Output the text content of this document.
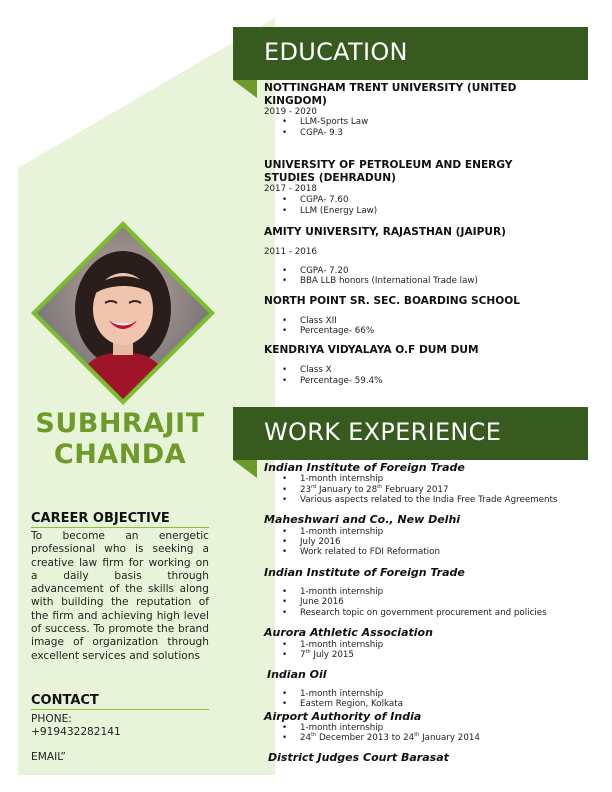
SUBHRAJIT
CHANDA
CAREER OBJECTIVE
To become an energetic professional who is seeking a creative law firm for working on a daily basis through advancement of the skills along with building the reputation of the firm and achieving high level of success. To promote the brand image of organization through excellent services and solutions
CONTACT
PHONE:
+919432282141
EMAIL”
EDUCATION
NOTTINGHAM TRENT UNIVERSITY (UNITED KINGDOM)
2019 - 2020
• LLM-Sports Law
• CGPA- 9.3
UNIVERSITY OF PETROLEUM AND ENERGY STUDIES (DEHRADUN)
2017 - 2018
• CGPA- 7.60
• LLM (Energy Law)
AMITY UNIVERSITY, RAJASTHAN (JAIPUR)
2011 - 2016
• CGPA- 7.20
• BBA LLB honors (International Trade law)
NORTH POINT SR. SEC. BOARDING SCHOOL
• Class XII
• Percentage- 66%
KENDRIYA VIDYALAYA O.F DUM DUM
• Class X
• Percentage- 59.4%
WORK EXPERIENCE
Indian Institute of Foreign Trade
• 1-month internship
• 23rd January to 28th February 2017
• Various aspects related to the India Free Trade Agreements
Maheshwari and Co., New Delhi
• 1-month internship
• July 2016
• Work related to FDI Reformation
Indian Institute of Foreign Trade
• 1-month internship
• June 2016
• Research topic on government procurement and policies
Aurora Athletic Association
• 1-month internship
• 7th July 2015
Indian Oil
• 1-month internship
• Eastern Region, Kolkata
Airport Authority of India
• 1-month internship
• 24th December 2013 to 24th January 2014
District Judges Court Barasat
